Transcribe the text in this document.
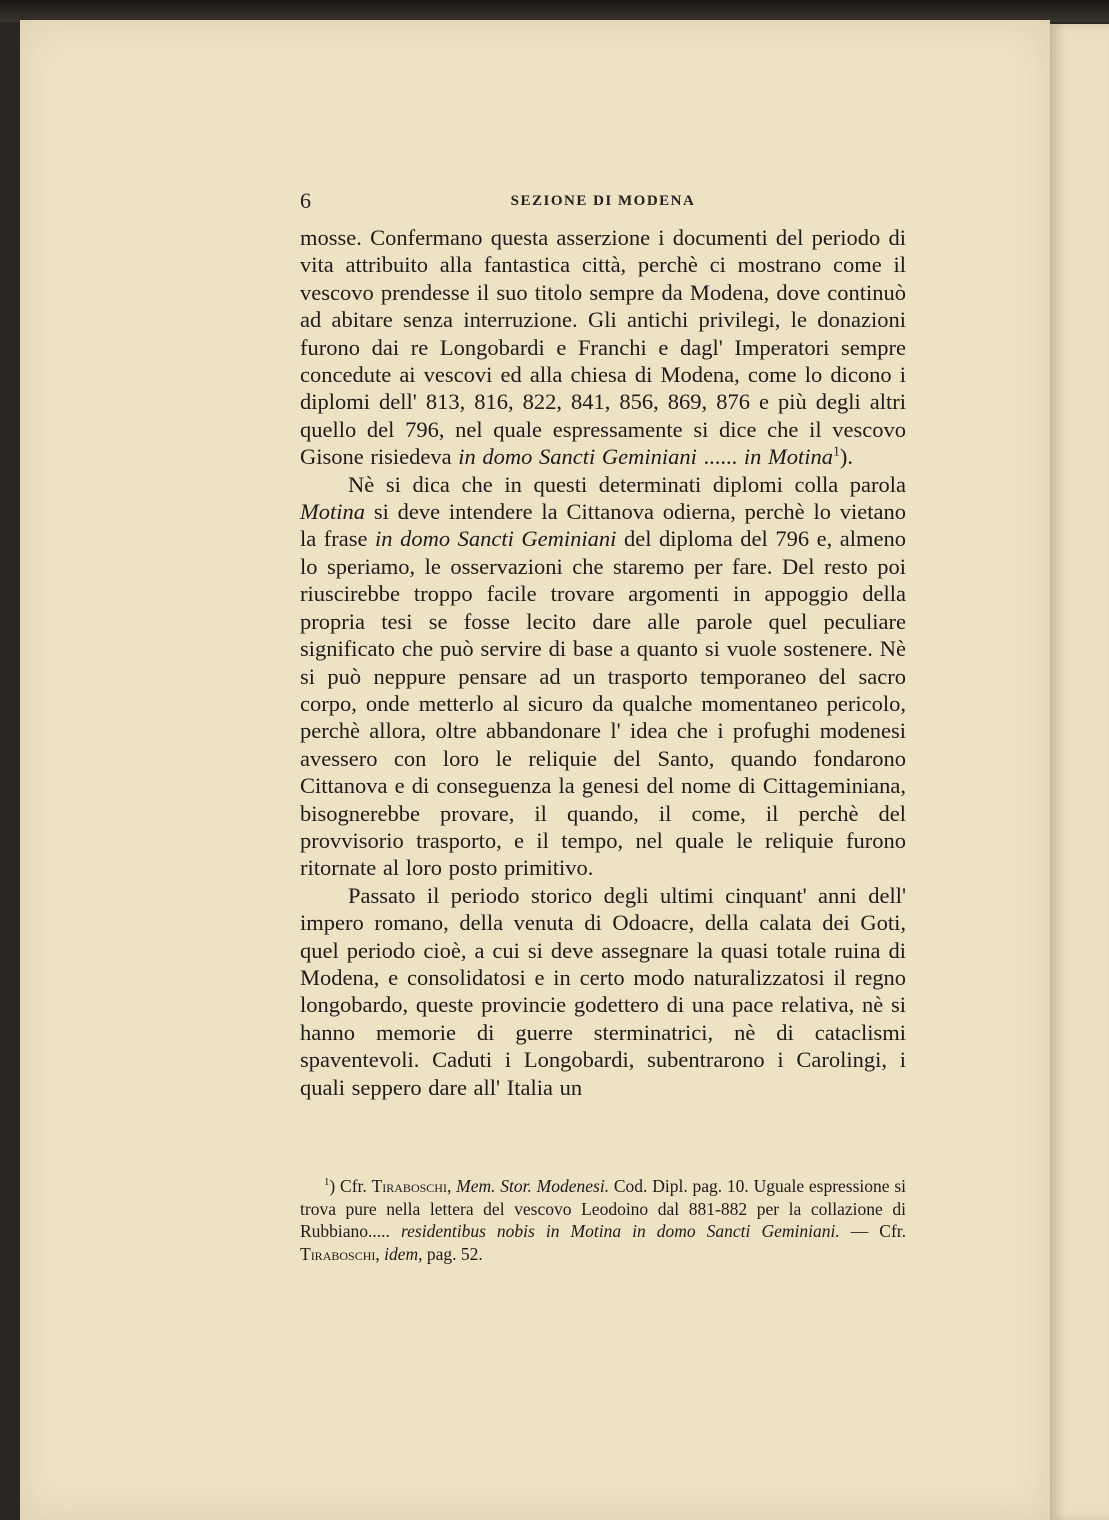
6	SEZIONE DI MODENA

mosse. Confermano questa asserzione i documenti del periodo di vita attribuito alla fantastica città, perchè ci mostrano come il vescovo prendesse il suo titolo sempre da Modena, dove continuò ad abitare senza interruzione. Gli antichi privilegi, le donazioni furono dai re Longobardi e Franchi e dagl' Imperatori sempre concedute ai vescovi ed alla chiesa di Modena, come lo dicono i diplomi dell' 813, 816, 822, 841, 856, 869, 876 e più degli altri quello del 796, nel quale espressamente si dice che il vescovo Gisone risiedeva in domo Sancti Geminiani ...... in Motina$^1$).

Nè si dica che in questi determinati diplomi colla parola Motina si deve intendere la Cittanova odierna, perchè lo vietano la frase in domo Sancti Geminiani del diploma del 796 e, almeno lo speriamo, le osservazioni che staremo per fare. Del resto poi riuscirebbe troppo facile trovare argomenti in appoggio della propria tesi se fosse lecito dare alle parole quel peculiare significato che può servire di base a quanto si vuole sostenere. Nè si può neppure pensare ad un trasporto temporaneo del sacro corpo, onde metterlo al sicuro da qualche momentaneo pericolo, perchè allora, oltre abbandonare l' idea che i profughi modenesi avessero con loro le reliquie del Santo, quando fondarono Cittanova e di conseguenza la genesi del nome di Cittageminiana, bisognerebbe provare, il quando, il come, il perchè del provvisorio trasporto, e il tempo, nel quale le reliquie furono ritornate al loro posto primitivo.

Passato il periodo storico degli ultimi cinquant' anni dell' impero romano, della venuta di Odoacre, della calata dei Goti, quel periodo cioè, a cui si deve assegnare la quasi totale ruina di Modena, e consolidatosi e in certo modo naturalizzatosi il regno longobardo, queste provincie godettero di una pace relativa, nè si hanno memorie di guerre sterminatrici, nè di cataclismi spaventevoli. Caduti i Longobardi, subentrarono i Carolingi, i quali seppero dare all' Italia un

$^1$) Cfr. Tiraboschi, Mem. Stor. Modenesi. Cod. Dipl. pag. 10. Uguale espressione si trova pure nella lettera del vescovo Leodoino dal 881-882 per la collazione di Rubbiano..... residentibus nobis in Motina in domo Sancti Geminiani. — Cfr. Tiraboschi, idem, pag. 52.
